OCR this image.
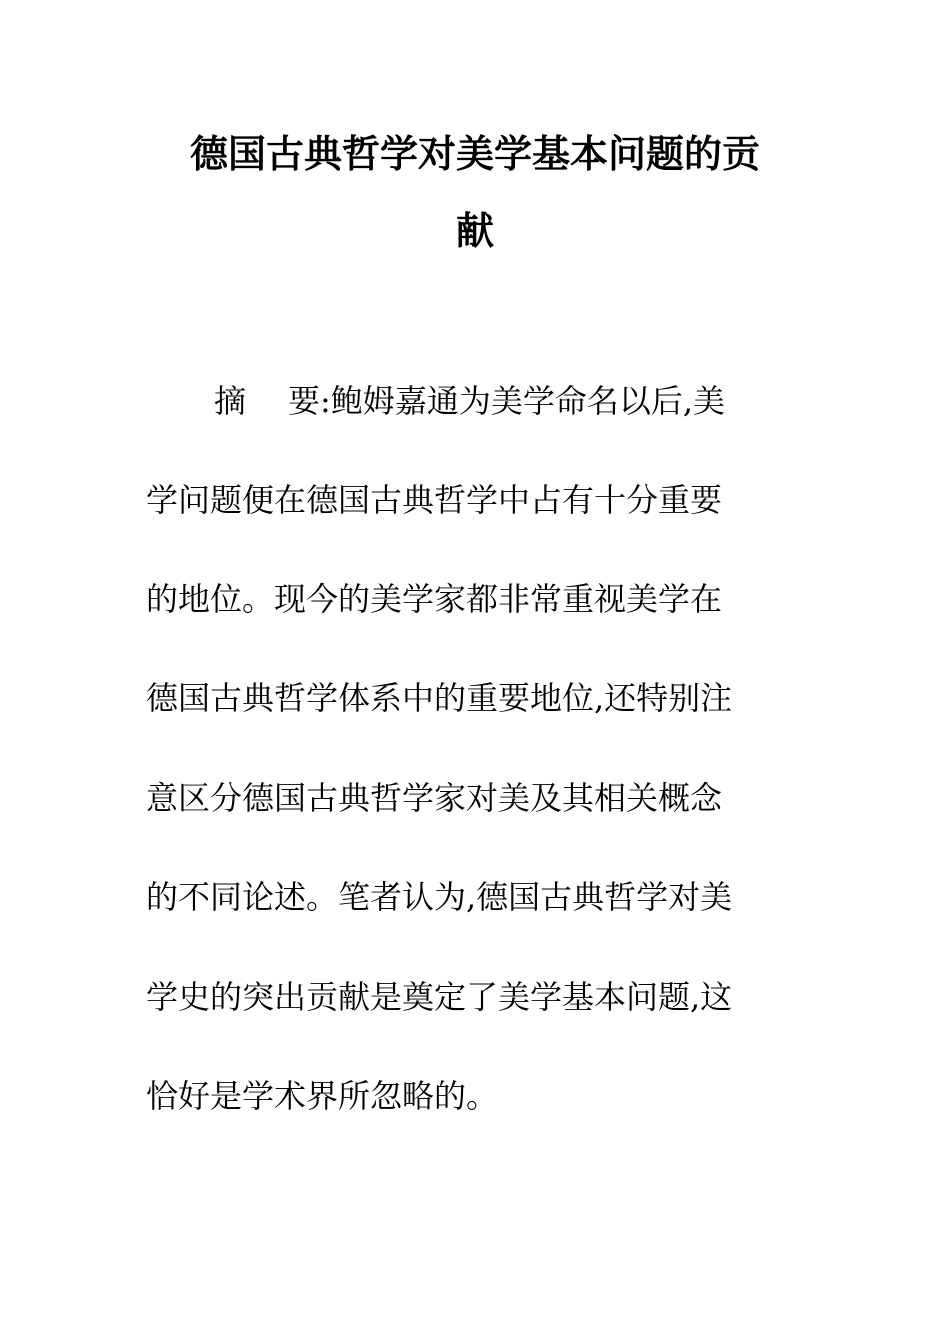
德国古典哲学对美学基本问题的贡
献

摘 要:鲍姆嘉通为美学命名以后,美

学问题便在德国古典哲学中占有十分重要

的地位。现今的美学家都非常重视美学在

德国古典哲学体系中的重要地位,还特别注

意区分德国古典哲学家对美及其相关概念

的不同论述。笔者认为,德国古典哲学对美

学史的突出贡献是奠定了美学基本问题,这

恰好是学术界所忽略的。
